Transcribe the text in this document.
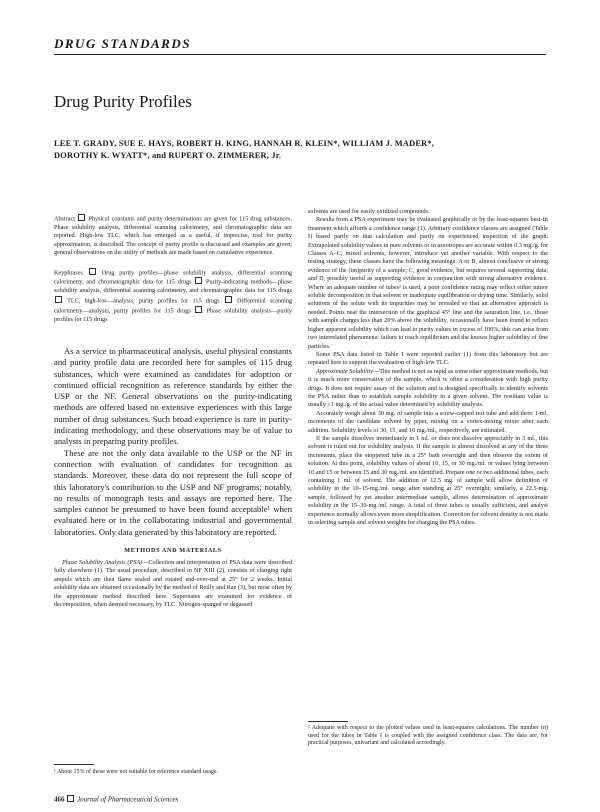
DRUG STANDARDS
Drug Purity Profiles
LEE T. GRADY, SUE E. HAYS, ROBERT H. KING, HANNAH R. KLEIN*, WILLIAM J. MADER*,
DOROTHY K. WYATT*, and RUPERT O. ZIMMERER, Jr.

Abstract Physical constants and purity determinations are given for 115 drug substances. Phase solubility analysis, differential scanning calorimetry, and chromatographic data are reported. High-low TLC, which has emerged as a useful, if imprecise, tool for purity approximation, is described. The concept of purity profile is discussed and examples are given; general observations on the utility of methods are made based on cumulative experience.

Keyphrases	Drug purity profiles—phase solubility analysis, differential scanning calorimetry, and chromatographic data for 115 drugs Purity-indicating methods—phase solubility analysis, differential scanning calorimetry, and chromatographic data for 115 drugs  TLC, high-low—analysis, purity profiles for 115 drugs	Differential scanning calorimetry—analysis, purity profiles for 115 drugs	Phase solubility analysis—purity profiles for 115 drugs

As a service to pharmaceutical analysis, useful physical constants and purity profile data are recorded here for samples of 115 drug substances, which were examined as candidates for adoption or continued official recognition as reference standards by either the USP or the NF. General observations on the purity-indicating methods are offered based on extensive experiences with this large number of drug substances. Such broad experience is rare in purity-indicating methodology, and these observations may be of value to analysts in preparing purity profiles.

These are not the only data available to the USP or the NF in connection with evaluation of candidates for recognition as standards. Moreover, these data do not represent the full scope of this laboratory's contribution to the USP and NF programs; notably, no results of monograph tests and assays are reported here. The samples cannot be presumed to have been found acceptable¹ when evaluated here or in the collaborating industrial and governmental laboratories. Only data generated by this laboratory are reported.

METHODS AND MATERIALS

Phase Solubility Analysis (PSA)—Collection and interpretation of PSA data were described fully elsewhere (1). The usual procedure, described in NF XIII (2), consists of charging tight ampuls which are then flame sealed and rotated end-over-end at 25° for 2 weeks. Initial solubility data are obtained occasionally by the method of Reilly and Rae (3), but most often by the approximate method described here. Supernates are examined for evidence of decomposition, when deemed necessary, by TLC. Nitrogen-sparged or degassed

solvents are used for easily oxidized compounds.

Results from a PSA experiment may be evaluated graphically or by the least-squares best-fit treatment which affords a confidence range (1). Arbitrary confidence classes are assigned (Table I) based partly on that calculation and partly on experienced inspection of the graph. Extrapolated solubility values in pure solvents or in azeotropes are accurate within 0.3 mg./g. for Classes A–C; mixed solvents, however, introduce yet another variable. With respect to the testing strategy, these classes have the following meanings: A or B, almost conclusive or strong evidence of the (im)purity of a sample; C, good evidence, but requires several supporting data; and D, possibly useful as supporting evidence in conjunction with strong alternative evidence. Where an adequate number of tubes² is used, a poor confidence rating may reflect either minor soluble decomposition in that solvent or inadequate equilibration or drying time. Similarly, solid solutions of the solute with its impurities may be revealed so that an alternative approach is needed. Points near the intersection of the graphical 45° line and the saturation line, i.e., those with sample charges less than 20% above the solubility, occasionally have been found to reflect higher apparent solubility which can lead to purity values in excess of 100%; this can arise from two interrelated phenomena: failure to reach equilibrium and the known higher solubility of fine particles.

Some PSA data listed in Table I were reported earlier (1) from this laboratory but are repeated here to support the evaluation of high-low TLC.

Approximate Solubility—This method is not as rapid as some other approximate methods, but it is much more conservative of the sample, which is often a consideration with high purity drugs. It does not require assay of the solution and is designed specifically to identify solvents for PSA rather than to establish sample solubility in a given solvent. The resultant value is usually ≤1 mg./g. of the actual value determined by solubility analysis.

Accurately weigh about 30 mg. of sample into a screw-capped test tube and add three 1-ml. increments of the candidate solvent by pipet, mixing on a vortex-mixing mixer after each addition. Solubility levels of 30, 15, and 10 mg./ml., respectively, are estimated.

If the sample dissolves immediately in 1 ml. or does not dissolve appreciably in 3 ml., this solvent is ruled out for solubility analysis. If the sample is almost dissolved at any of the three increments, place the stoppered tube in a 25° bath overnight and then observe the extent of solution. At this point, solubility values of about 10, 15, or 30 mg./ml. or values lying between 10 and 15 or between 15 and 30 mg./ml. are identified. Prepare one or two additional tubes, each containing 1 ml. of solvent. The addition of 12.5 mg. of sample will allow definition of solubility in the 10–15-mg./ml. range after standing at 25° overnight; similarly, a 22.5-mg. sample, followed by yet another intermediate sample, allows determination of approximate solubility in the 15–30-mg./ml. range. A total of three tubes is usually sufficient, and analyst experience normally allows even more simplification. Correction for solvent density is not made in selecting sample and solvent weights for charging the PSA tubes.

¹ About 15% of these were not suitable for reference standard usage.
² Adequate with respect to the plotted values used in least-squares calculations. The number (n) used for the tubes in Table I is coupled with the assigned confidence class. The data are, for practical purposes, univariant and calculated accordingly.
466 Journal of Pharmaceutical Sciences
